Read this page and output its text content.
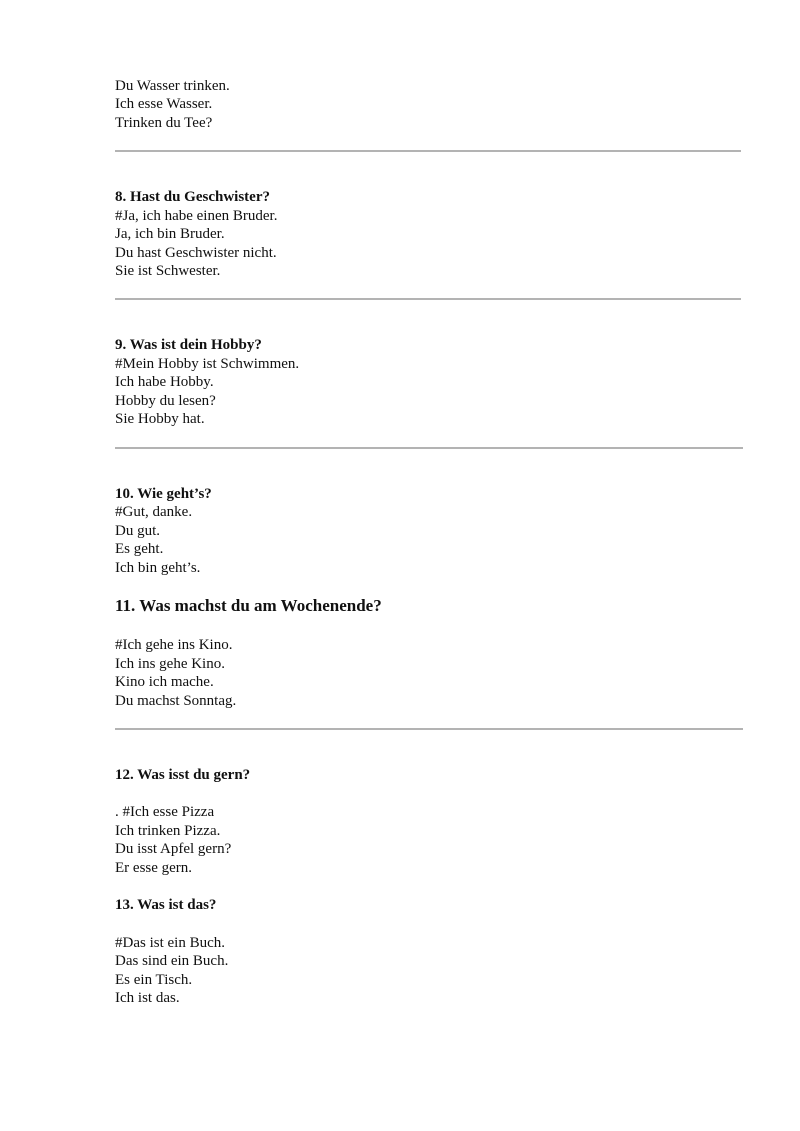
Du Wasser trinken.
Ich esse Wasser.
Trinken du Tee?
8. Hast du Geschwister?
#Ja, ich habe einen Bruder.
Ja, ich bin Bruder.
Du hast Geschwister nicht.
Sie ist Schwester.
9. Was ist dein Hobby?
#Mein Hobby ist Schwimmen.
Ich habe Hobby.
Hobby du lesen?
Sie Hobby hat.
10. Wie geht’s?
#Gut, danke.
Du gut.
Es geht.
Ich bin geht’s.
11. Was machst du am Wochenende?
#Ich gehe ins Kino.
Ich ins gehe Kino.
Kino ich mache.
Du machst Sonntag.
12. Was isst du gern?
. #Ich esse Pizza
Ich trinken Pizza.
Du isst Apfel gern?
Er esse gern.
13. Was ist das?
#Das ist ein Buch.
Das sind ein Buch.
Es ein Tisch.
Ich ist das.
